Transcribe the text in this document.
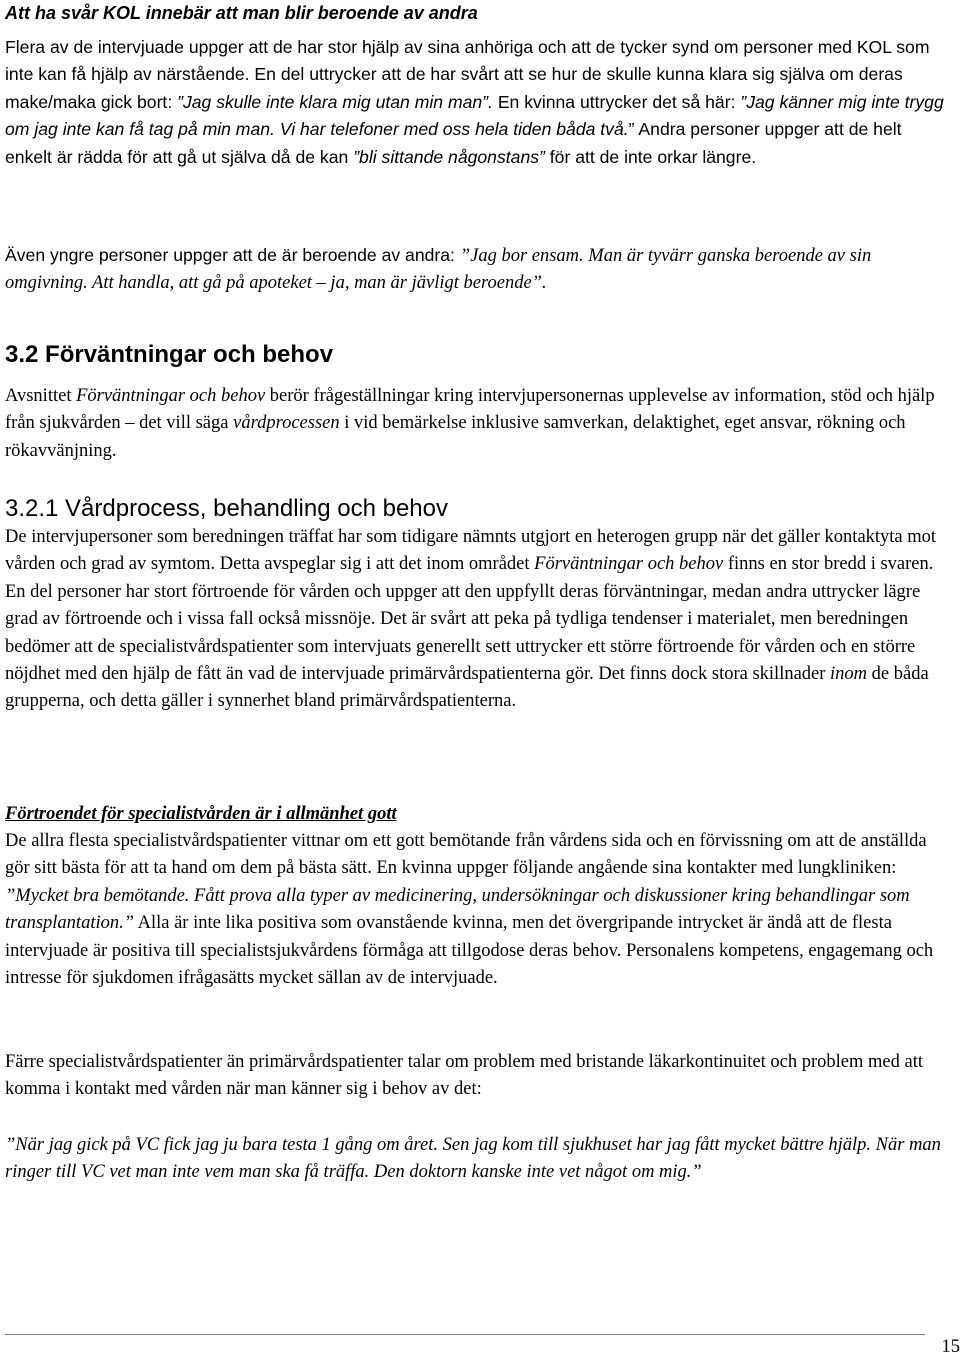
Att ha svår KOL innebär att man blir beroende av andra

Flera av de intervjuade uppger att de har stor hjälp av sina anhöriga och att de tycker synd om personer med KOL som inte kan få hjälp av närstående. En del uttrycker att de har svårt att se hur de skulle kunna klara sig själva om deras make/maka gick bort: ”Jag skulle inte klara mig utan min man”. En kvinna uttrycker det så här: ”Jag känner mig inte trygg om jag inte kan få tag på min man. Vi har telefoner med oss hela tiden båda två.” Andra personer uppger att de helt enkelt är rädda för att gå ut själva då de kan ”bli sittande någonstans” för att de inte orkar längre.

Även yngre personer uppger att de är beroende av andra: ”Jag bor ensam. Man är tyvärr ganska beroende av sin omgivning. Att handla, att gå på apoteket – ja, man är jävligt beroende”.

3.2 Förväntningar och behov

Avsnittet Förväntningar och behov berör frågeställningar kring intervjupersonernas upplevelse av information, stöd och hjälp från sjukvården – det vill säga vårdprocessen i vid bemärkelse inklusive samverkan, delaktighet, eget ansvar, rökning och rökavvänjning.

3.2.1 Vårdprocess, behandling och behov

De intervjupersoner som beredningen träffat har som tidigare nämnts utgjort en heterogen grupp när det gäller kontaktyta mot vården och grad av symtom. Detta avspeglar sig i att det inom området Förväntningar och behov finns en stor bredd i svaren. En del personer har stort förtroende för vården och uppger att den uppfyllt deras förväntningar, medan andra uttrycker lägre grad av förtroende och i vissa fall också missnöje. Det är svårt att peka på tydliga tendenser i materialet, men beredningen bedömer att de specialistvårdspatienter som intervjuats generellt sett uttrycker ett större förtroende för vården och en större nöjdhet med den hjälp de fått än vad de intervjuade primärvårdspatienterna gör. Det finns dock stora skillnader inom de båda grupperna, och detta gäller i synnerhet bland primärvårdspatienterna.

Förtroendet för specialistvården är i allmänhet gott

De allra flesta specialistvårdspatienter vittnar om ett gott bemötande från vårdens sida och en förvissning om att de anställda gör sitt bästa för att ta hand om dem på bästa sätt. En kvinna uppger följande angående sina kontakter med lungkliniken: ”Mycket bra bemötande. Fått prova alla typer av medicinering, undersökningar och diskussioner kring behandlingar som transplantation.” Alla är inte lika positiva som ovanstående kvinna, men det övergripande intrycket är ändå att de flesta intervjuade är positiva till specialistsjukvårdens förmåga att tillgodose deras behov. Personalens kompetens, engagemang och intresse för sjukdomen ifrågasätts mycket sällan av de intervjuade.

Färre specialistvårdspatienter än primärvårdspatienter talar om problem med bristande läkarkontinuitet och problem med att komma i kontakt med vården när man känner sig i behov av det:

”När jag gick på VC fick jag ju bara testa 1 gång om året. Sen jag kom till sjukhuset har jag fått mycket bättre hjälp. När man ringer till VC vet man inte vem man ska få träffa. Den doktorn kanske inte vet något om mig.”

15
